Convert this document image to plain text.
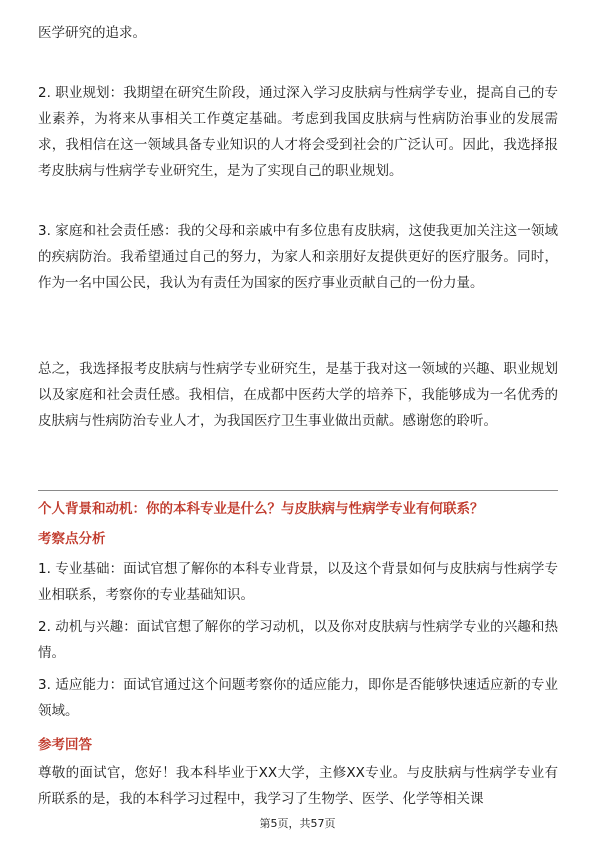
医学研究的追求。

2. 职业规划：我期望在研究生阶段，通过深入学习皮肤病与性病学专业，提高自己的专业素养，为将来从事相关工作奠定基础。考虑到我国皮肤病与性病防治事业的发展需求，我相信在这一领域具备专业知识的人才将会受到社会的广泛认可。因此，我选择报考皮肤病与性病学专业研究生，是为了实现自己的职业规划。

3. 家庭和社会责任感：我的父母和亲戚中有多位患有皮肤病，这使我更加关注这一领域的疾病防治。我希望通过自己的努力，为家人和亲朋好友提供更好的医疗服务。同时，作为一名中国公民，我认为有责任为国家的医疗事业贡献自己的一份力量。

总之，我选择报考皮肤病与性病学专业研究生，是基于我对这一领域的兴趣、职业规划以及家庭和社会责任感。我相信，在成都中医药大学的培养下，我能够成为一名优秀的皮肤病与性病防治专业人才，为我国医疗卫生事业做出贡献。感谢您的聆听。

个人背景和动机：你的本科专业是什么？与皮肤病与性病学专业有何联系？

考察点分析

1. 专业基础：面试官想了解你的本科专业背景，以及这个背景如何与皮肤病与性病学专业相联系，考察你的专业基础知识。

2. 动机与兴趣：面试官想了解你的学习动机，以及你对皮肤病与性病学专业的兴趣和热情。

3. 适应能力：面试官通过这个问题考察你的适应能力，即你是否能够快速适应新的专业领域。

参考回答

尊敬的面试官，您好！我本科毕业于XX大学，主修XX专业。与皮肤病与性病学专业有所联系的是，我的本科学习过程中，我学习了生物学、医学、化学等相关课

第5页，共57页
